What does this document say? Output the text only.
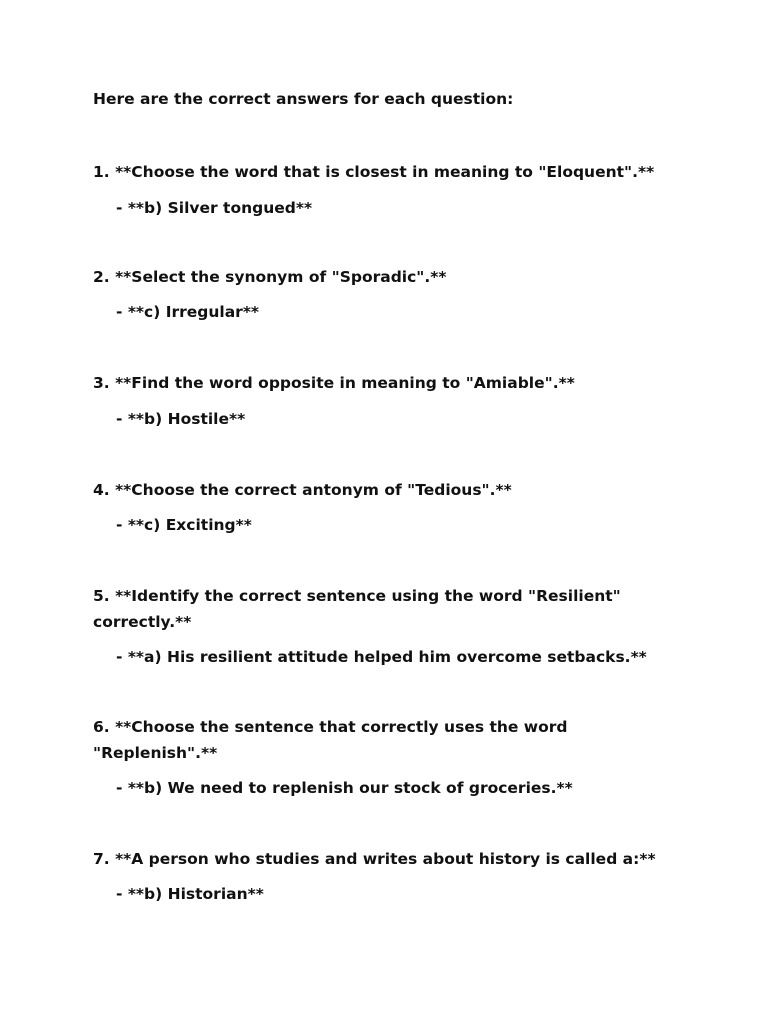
Here are the correct answers for each question:

1. **Choose the word that is closest in meaning to "Eloquent".**

- **b) Silver tongued**

2. **Select the synonym of "Sporadic".**

- **c) Irregular**

3. **Find the word opposite in meaning to "Amiable".**

- **b) Hostile**

4. **Choose the correct antonym of "Tedious".**

- **c) Exciting**

5. **Identify the correct sentence using the word "Resilient" correctly.**

- **a) His resilient attitude helped him overcome setbacks.**

6. **Choose the sentence that correctly uses the word "Replenish".**

- **b) We need to replenish our stock of groceries.**

7. **A person who studies and writes about history is called a:**

- **b) Historian**
